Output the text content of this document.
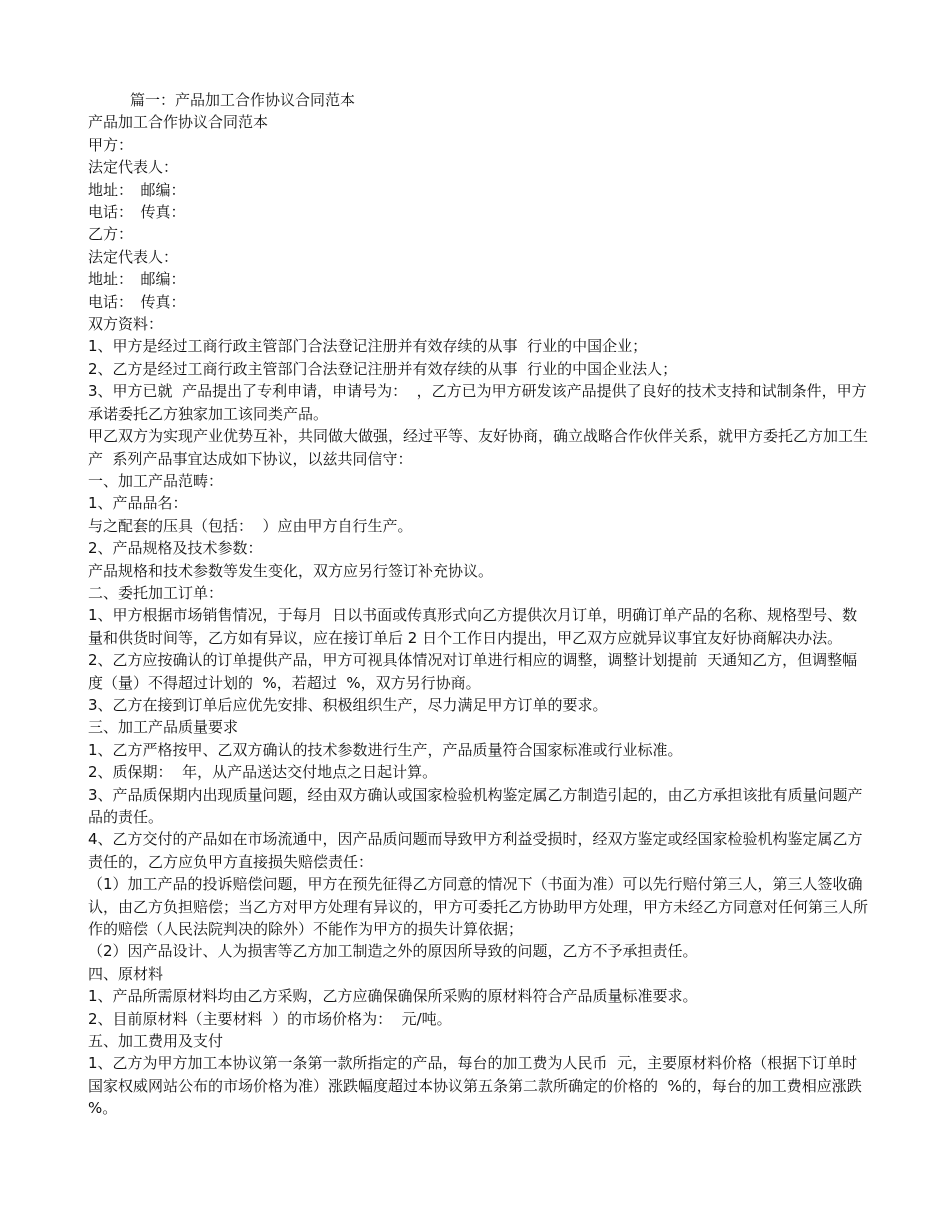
篇一：产品加工合作协议合同范本

产品加工合作协议合同范本

甲方：

法定代表人：

地址：　邮编：

电话：　传真：

乙方：

法定代表人：

地址：　邮编：

电话：　传真：

双方资料：

1、甲方是经过工商行政主管部门合法登记注册并有效存续的从事  行业的中国企业；

2、乙方是经过工商行政主管部门合法登记注册并有效存续的从事  行业的中国企业法人；

3、甲方已就  产品提出了专利申请，申请号为：  ，乙方已为甲方研发该产品提供了良好的技术支持和试制条件，甲方承诺委托乙方独家加工该同类产品。

甲乙双方为实现产业优势互补，共同做大做强，经过平等、友好协商，确立战略合作伙伴关系，就甲方委托乙方加工生产  系列产品事宜达成如下协议，以兹共同信守：

一、加工产品范畴：

1、产品品名：

与之配套的压具（包括：  ）应由甲方自行生产。

2、产品规格及技术参数：

产品规格和技术参数等发生变化，双方应另行签订补充协议。

二、委托加工订单：

1、甲方根据市场销售情况，于每月  日以书面或传真形式向乙方提供次月订单，明确订单产品的名称、规格型号、数量和供货时间等，乙方如有异议，应在接订单后 2 日个工作日内提出，甲乙双方应就异议事宜友好协商解决办法。

2、乙方应按确认的订单提供产品，甲方可视具体情况对订单进行相应的调整，调整计划提前  天通知乙方，但调整幅度（量）不得超过计划的  %，若超过  %，双方另行协商。

3、乙方在接到订单后应优先安排、积极组织生产，尽力满足甲方订单的要求。

三、加工产品质量要求

1、乙方严格按甲、乙双方确认的技术参数进行生产，产品质量符合国家标准或行业标准。

2、质保期：  年，从产品送达交付地点之日起计算。

3、产品质保期内出现质量问题，经由双方确认或国家检验机构鉴定属乙方制造引起的，由乙方承担该批有质量问题产品的责任。

4、乙方交付的产品如在市场流通中，因产品质问题而导致甲方利益受损时，经双方鉴定或经国家检验机构鉴定属乙方责任的，乙方应负甲方直接损失赔偿责任：

（1）加工产品的投诉赔偿问题，甲方在预先征得乙方同意的情况下（书面为准）可以先行赔付第三人，第三人签收确认，由乙方负担赔偿；当乙方对甲方处理有异议的，甲方可委托乙方协助甲方处理，甲方未经乙方同意对任何第三人所作的赔偿（人民法院判决的除外）不能作为甲方的损失计算依据；

（2）因产品设计、人为损害等乙方加工制造之外的原因所导致的问题，乙方不予承担责任。

四、原材料

1、产品所需原材料均由乙方采购，乙方应确保确保所采购的原材料符合产品质量标准要求。

2、目前原材料（主要材料  ）的市场价格为：  元/吨。

五、加工费用及支付

1、乙方为甲方加工本协议第一条第一款所指定的产品，每台的加工费为人民币  元，主要原材料价格（根据下订单时国家权威网站公布的市场价格为准）涨跌幅度超过本协议第五条第二款所确定的价格的  %的，每台的加工费相应涨跌  %。
